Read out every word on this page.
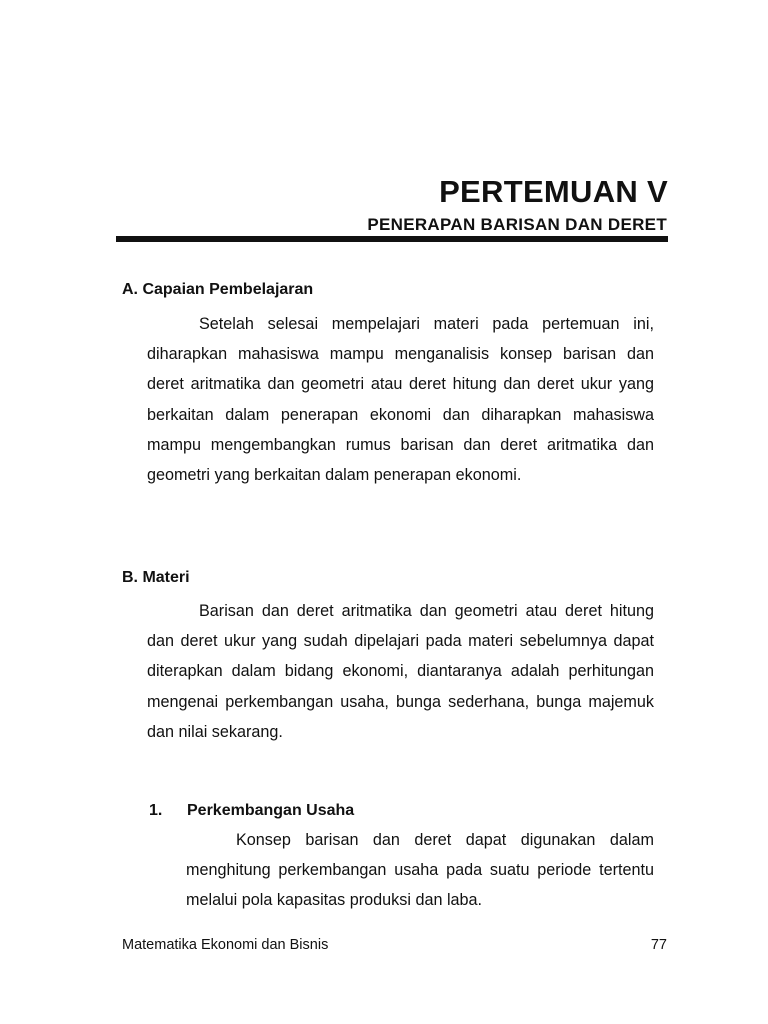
PERTEMUAN V
PENERAPAN BARISAN DAN DERET
A. Capaian Pembelajaran

Setelah selesai mempelajari materi pada pertemuan ini, diharapkan mahasiswa mampu menganalisis konsep barisan dan deret aritmatika dan geometri atau deret hitung dan deret ukur yang berkaitan dalam penerapan ekonomi dan diharapkan mahasiswa mampu mengembangkan rumus barisan dan deret aritmatika dan geometri yang berkaitan dalam penerapan ekonomi.

B. Materi

Barisan dan deret aritmatika dan geometri atau deret hitung dan deret ukur yang sudah dipelajari pada materi sebelumnya dapat diterapkan dalam bidang ekonomi, diantaranya adalah perhitungan mengenai perkembangan usaha, bunga sederhana, bunga majemuk dan nilai sekarang.

1. Perkembangan Usaha

Konsep barisan dan deret dapat digunakan dalam menghitung perkembangan usaha pada suatu periode tertentu melalui pola kapasitas produksi dan laba.

Matematika Ekonomi dan Bisnis	77
